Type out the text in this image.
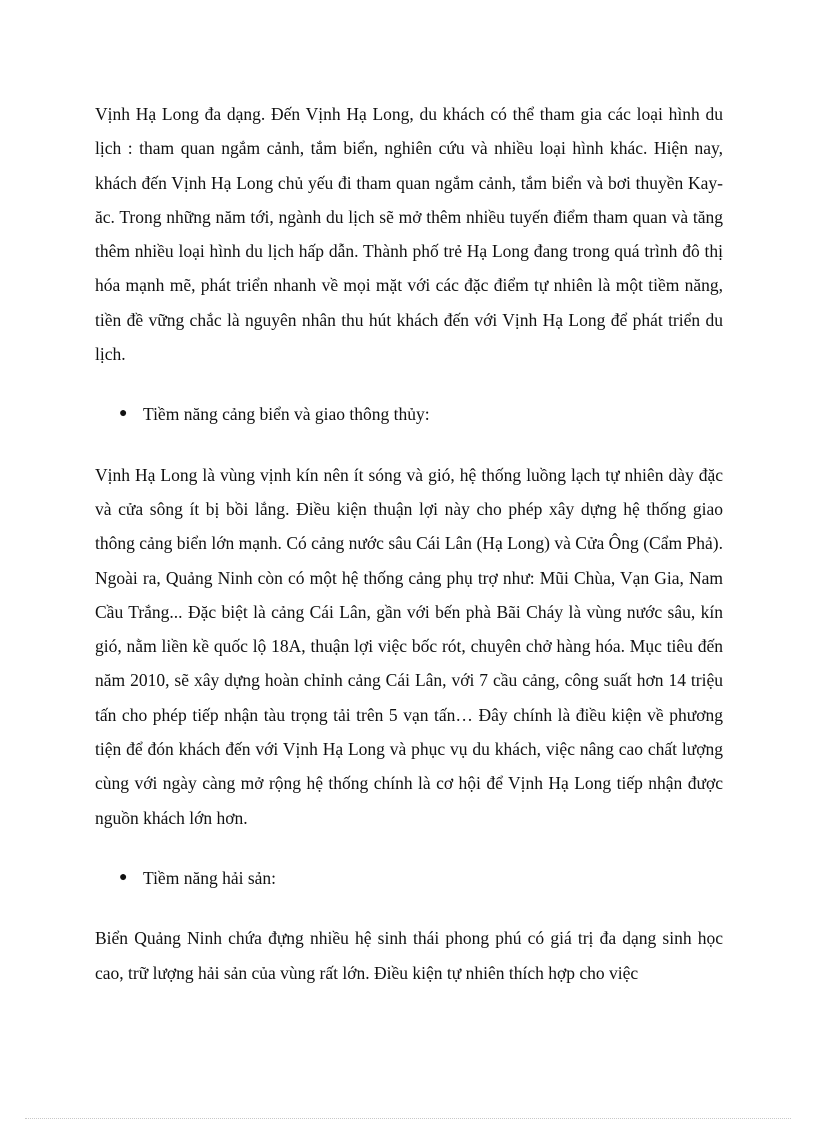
Vịnh Hạ Long đa dạng. Đến Vịnh Hạ Long, du khách có thể tham gia các loại hình du lịch : tham quan ngắm cảnh, tắm biển, nghiên cứu và nhiều loại hình khác. Hiện nay, khách đến Vịnh Hạ Long chủ yếu đi tham quan ngắm cảnh, tắm biển và bơi thuyền Kay-ăc. Trong những năm tới, ngành du lịch sẽ mở thêm nhiều tuyến điểm tham quan và tăng thêm nhiều loại hình du lịch hấp dẫn. Thành phố trẻ Hạ Long đang trong quá trình đô thị hóa mạnh mẽ, phát triển nhanh về mọi mặt với các đặc điểm tự nhiên là một tiềm năng, tiền đề vững chắc là nguyên nhân thu hút khách đến với Vịnh Hạ Long để phát triển du lịch.

● Tiềm năng cảng biển và giao thông thủy:

Vịnh Hạ Long là vùng vịnh kín nên ít sóng và gió, hệ thống luồng lạch tự nhiên dày đặc và cửa sông ít bị bồi lắng. Điều kiện thuận lợi này cho phép xây dựng hệ thống giao thông cảng biển lớn mạnh. Có cảng nước sâu Cái Lân (Hạ Long) và Cửa Ông (Cẩm Phả). Ngoài ra, Quảng Ninh còn có một hệ thống cảng phụ trợ như: Mũi Chùa, Vạn Gia, Nam Cầu Trắng... Đặc biệt là cảng Cái Lân, gần với bến phà Bãi Cháy là vùng nước sâu, kín gió, nằm liền kề quốc lộ 18A, thuận lợi việc bốc rót, chuyên chở hàng hóa. Mục tiêu đến năm 2010, sẽ xây dựng hoàn chỉnh cảng Cái Lân, với 7 cầu cảng, công suất hơn 14 triệu tấn cho phép tiếp nhận tàu trọng tải trên 5 vạn tấn… Đây chính là điều kiện về phương tiện để đón khách đến với Vịnh Hạ Long và phục vụ du khách, việc nâng cao chất lượng cùng với ngày càng mở rộng hệ thống chính là cơ hội để Vịnh Hạ Long tiếp nhận được nguồn khách lớn hơn.

● Tiềm năng hải sản:

Biển Quảng Ninh chứa đựng nhiều hệ sinh thái phong phú có giá trị đa dạng sinh học cao, trữ lượng hải sản của vùng rất lớn. Điều kiện tự nhiên thích hợp cho việc
